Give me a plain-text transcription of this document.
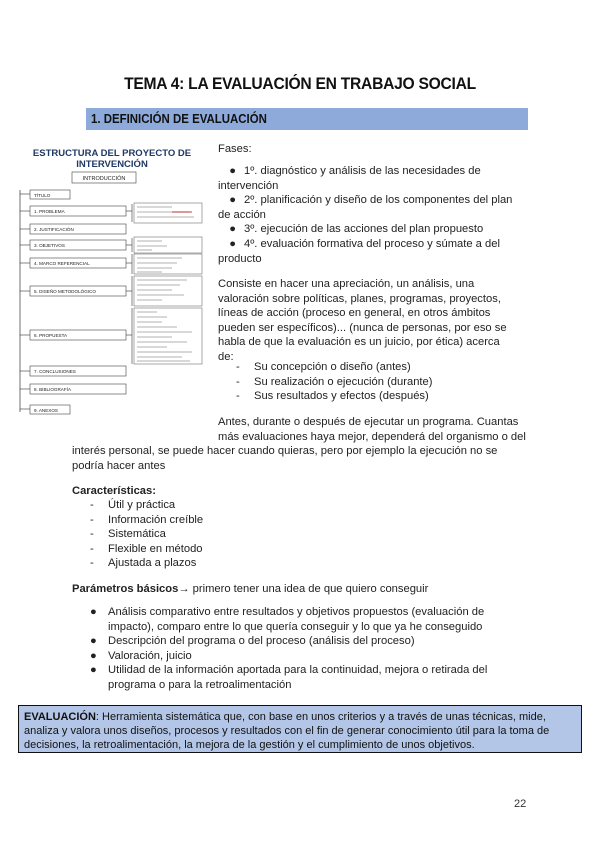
TEMA 4: LA EVALUACIÓN EN TRABAJO SOCIAL
1. DEFINICIÓN DE EVALUACIÓN
ESTRUCTURA DEL PROYECTO DE
INTERVENCIÓN
INTRODUCCIÓN
TÍTULO
1. PROBLEMA
2. JUSTIFICACIÓN
3. OBJETIVOS
4. MARCO REFERENCIAL
5. DISEÑO METODOLÓGICO
6. PROPUESTA
7. CONCLUSIONES
8. BIBLIOGRAFÍA
9. ANEXOS
Fases:
● 1º. diagnóstico y análisis de las necesidades de intervención
● 2º. planificación y diseño de los componentes del plan de acción
● 3º. ejecución de las acciones del plan propuesto
● 4º. evaluación formativa del proceso y súmate a del producto
Consiste en hacer una apreciación, un análisis, una valoración sobre políticas, planes, programas, proyectos, líneas de acción (proceso en general, en otros ámbitos pueden ser específicos)... (nunca de personas, por eso se habla de que la evaluación es un juicio, por ética) acerca de:
-	Su concepción o diseño (antes)
-	Su realización o ejecución (durante)
-	Sus resultados y efectos (después)
Antes, durante o después de ejecutar un programa. Cuantas más evaluaciones haya mejor, dependerá del organismo o del
interés personal, se puede hacer cuando quieras, pero por ejemplo la ejecución no se podría hacer antes
Características:
-	Útil y práctica
-	Información creíble
-	Sistemática
-	Flexible en método
-	Ajustada a plazos
Parámetros básicos→ primero tener una idea de que quiero conseguir
●	Análisis comparativo entre resultados y objetivos propuestos (evaluación de impacto), comparo entre lo que quería conseguir y lo que ya he conseguido
●	Descripción del programa o del proceso (análisis del proceso)
●	Valoración, juicio
●	Utilidad de la información aportada para la continuidad, mejora o retirada del programa o para la retroalimentación
EVALUACIÓN: Herramienta sistemática que, con base en unos criterios y a través de unas técnicas, mide, analiza y valora unos diseños, procesos y resultados con el fin de generar conocimiento útil para la toma de decisiones, la retroalimentación, la mejora de la gestión y el cumplimiento de unos objetivos.
22
